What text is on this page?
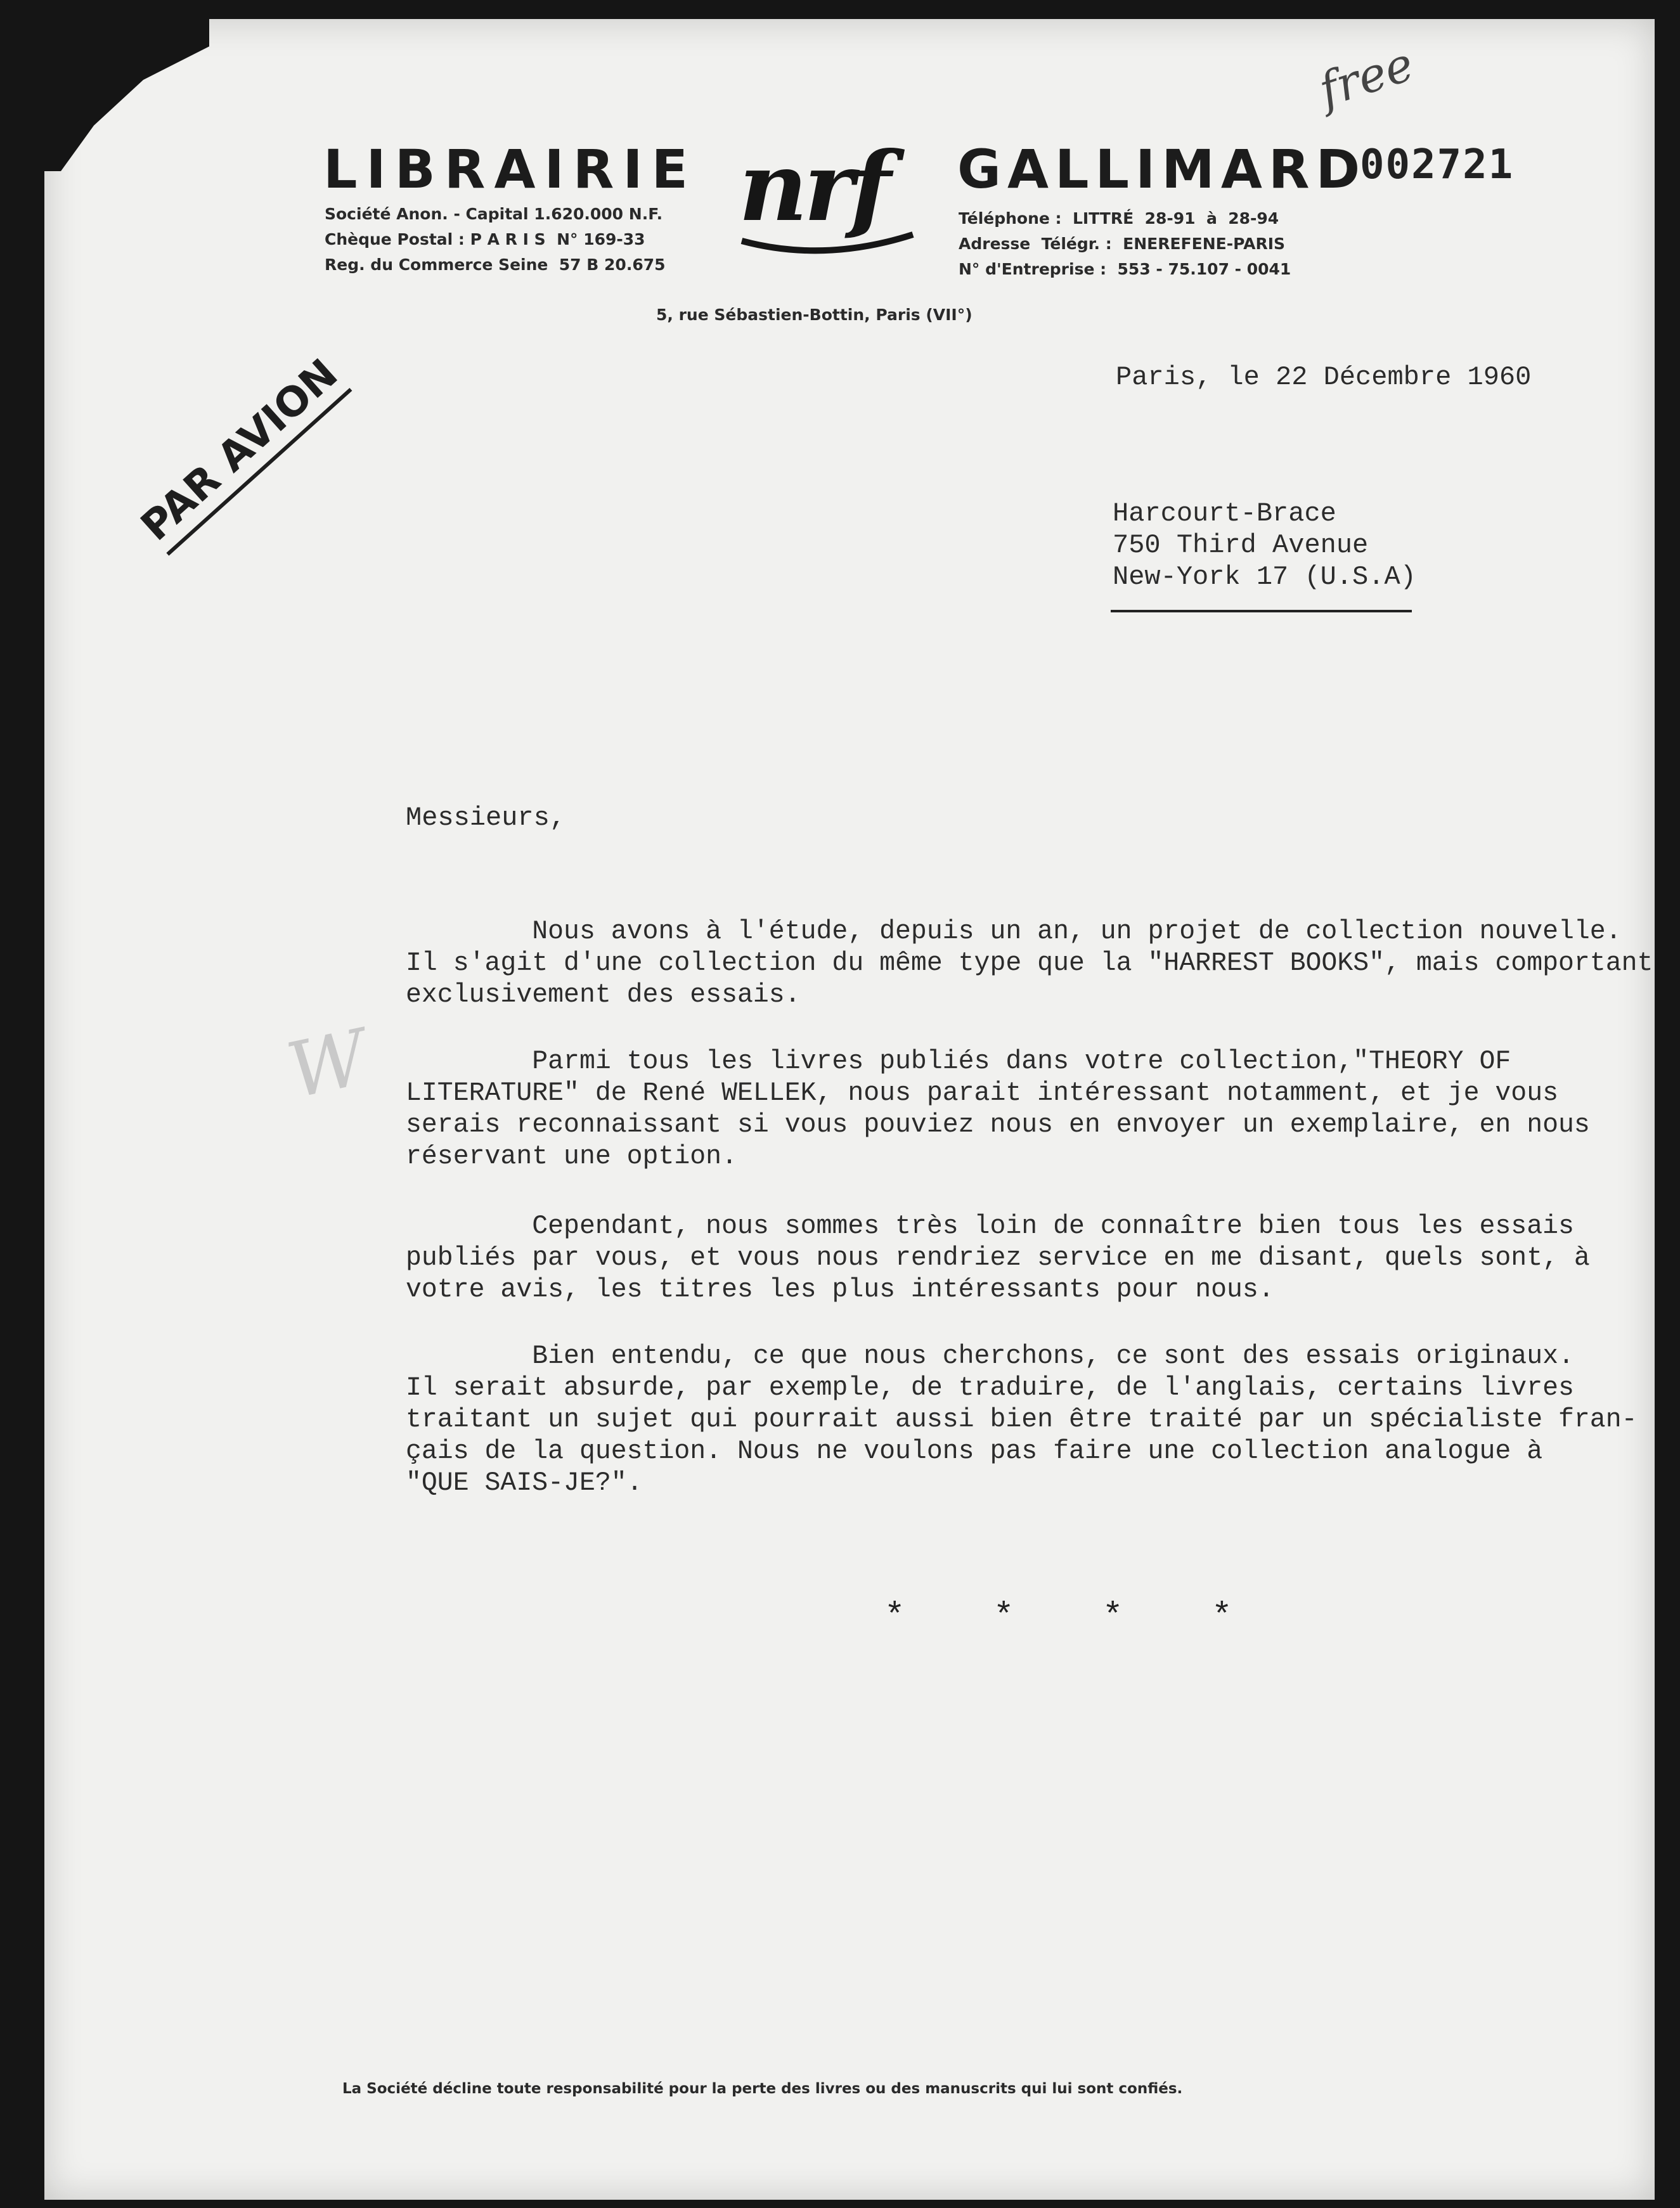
LIBRAIRIE nrf GALLIMARD
002721
free
Société Anon. - Capital 1.620.000 N.F.
Chèque Postal : P A R I S  N° 169-33
Reg. du Commerce Seine  57 B 20.675
Téléphone :  LITTRÉ  28-91  à  28-94
Adresse  Télégr. :  ENEREFENE-PARIS
N° d'Entreprise :  553 - 75.107 - 0041
5, rue Sébastien-Bottin, Paris (VII°)
PAR AVION
W
Paris, le 22 Décembre 1960
Harcourt-Brace
750 Third Avenue
New-York 17 (U.S.A)
Messieurs,
Nous avons à l'étude, depuis un an, un projet de collection nouvelle.
Il s'agit d'une collection du même type que la "HARREST BOOKS", mais comportant
exclusivement des essais.
Parmi tous les livres publiés dans votre collection,"THEORY OF
LITERATURE" de René WELLEK, nous parait intéressant notamment, et je vous
serais reconnaissant si vous pouviez nous en envoyer un exemplaire, en nous
réservant une option.
Cependant, nous sommes très loin de connaître bien tous les essais
publiés par vous, et vous nous rendriez service en me disant, quels sont, à
votre avis, les titres les plus intéressants pour nous.
Bien entendu, ce que nous cherchons, ce sont des essais originaux.
Il serait absurde, par exemple, de traduire, de l'anglais, certains livres
traitant un sujet qui pourrait aussi bien être traité par un spécialiste fran-
çais de la question. Nous ne voulons pas faire une collection analogue à
"QUE SAIS-JE?".
*    *    *    *
La Société décline toute responsabilité pour la perte des livres ou des manuscrits qui lui sont confiés.
